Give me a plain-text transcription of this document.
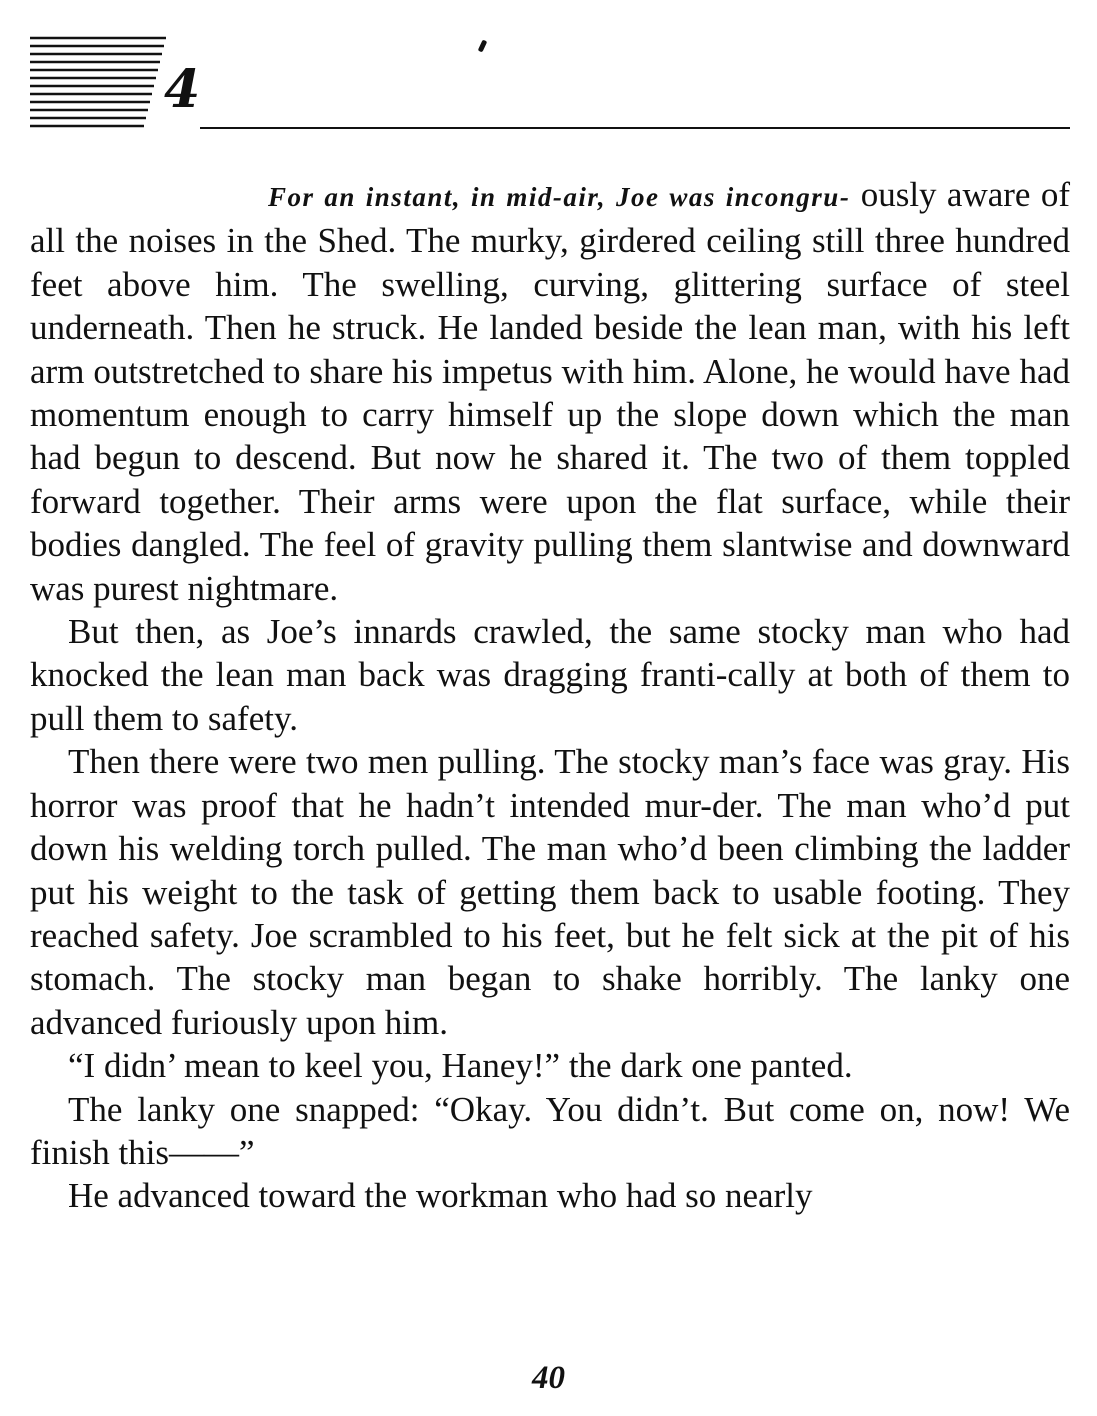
4

For an instant, in mid-air, Joe was incongru- ously aware of all the noises in the Shed. The murky, girdered ceiling still three hundred feet above him. The swelling, curving, glittering surface of steel underneath. Then he struck. He landed beside the lean man, with his left arm outstretched to share his impetus with him. Alone, he would have had momentum enough to carry himself up the slope down which the man had begun to descend. But now he shared it. The two of them toppled forward together. Their arms were upon the flat surface, while their bodies dangled. The feel of gravity pulling them slantwise and downward was purest nightmare.

But then, as Joe’s innards crawled, the same stocky man who had knocked the lean man back was dragging franti-cally at both of them to pull them to safety.

Then there were two men pulling. The stocky man’s face was gray. His horror was proof that he hadn’t intended mur-der. The man who’d put down his welding torch pulled. The man who’d been climbing the ladder put his weight to the task of getting them back to usable footing. They reached safety. Joe scrambled to his feet, but he felt sick at the pit of his stomach. The stocky man began to shake horribly. The lanky one advanced furiously upon him.

“I didn’ mean to keel you, Haney!” the dark one panted.

The lanky one snapped: “Okay. You didn’t. But come on, now! We finish this——”

He advanced toward the workman who had so nearly

40
